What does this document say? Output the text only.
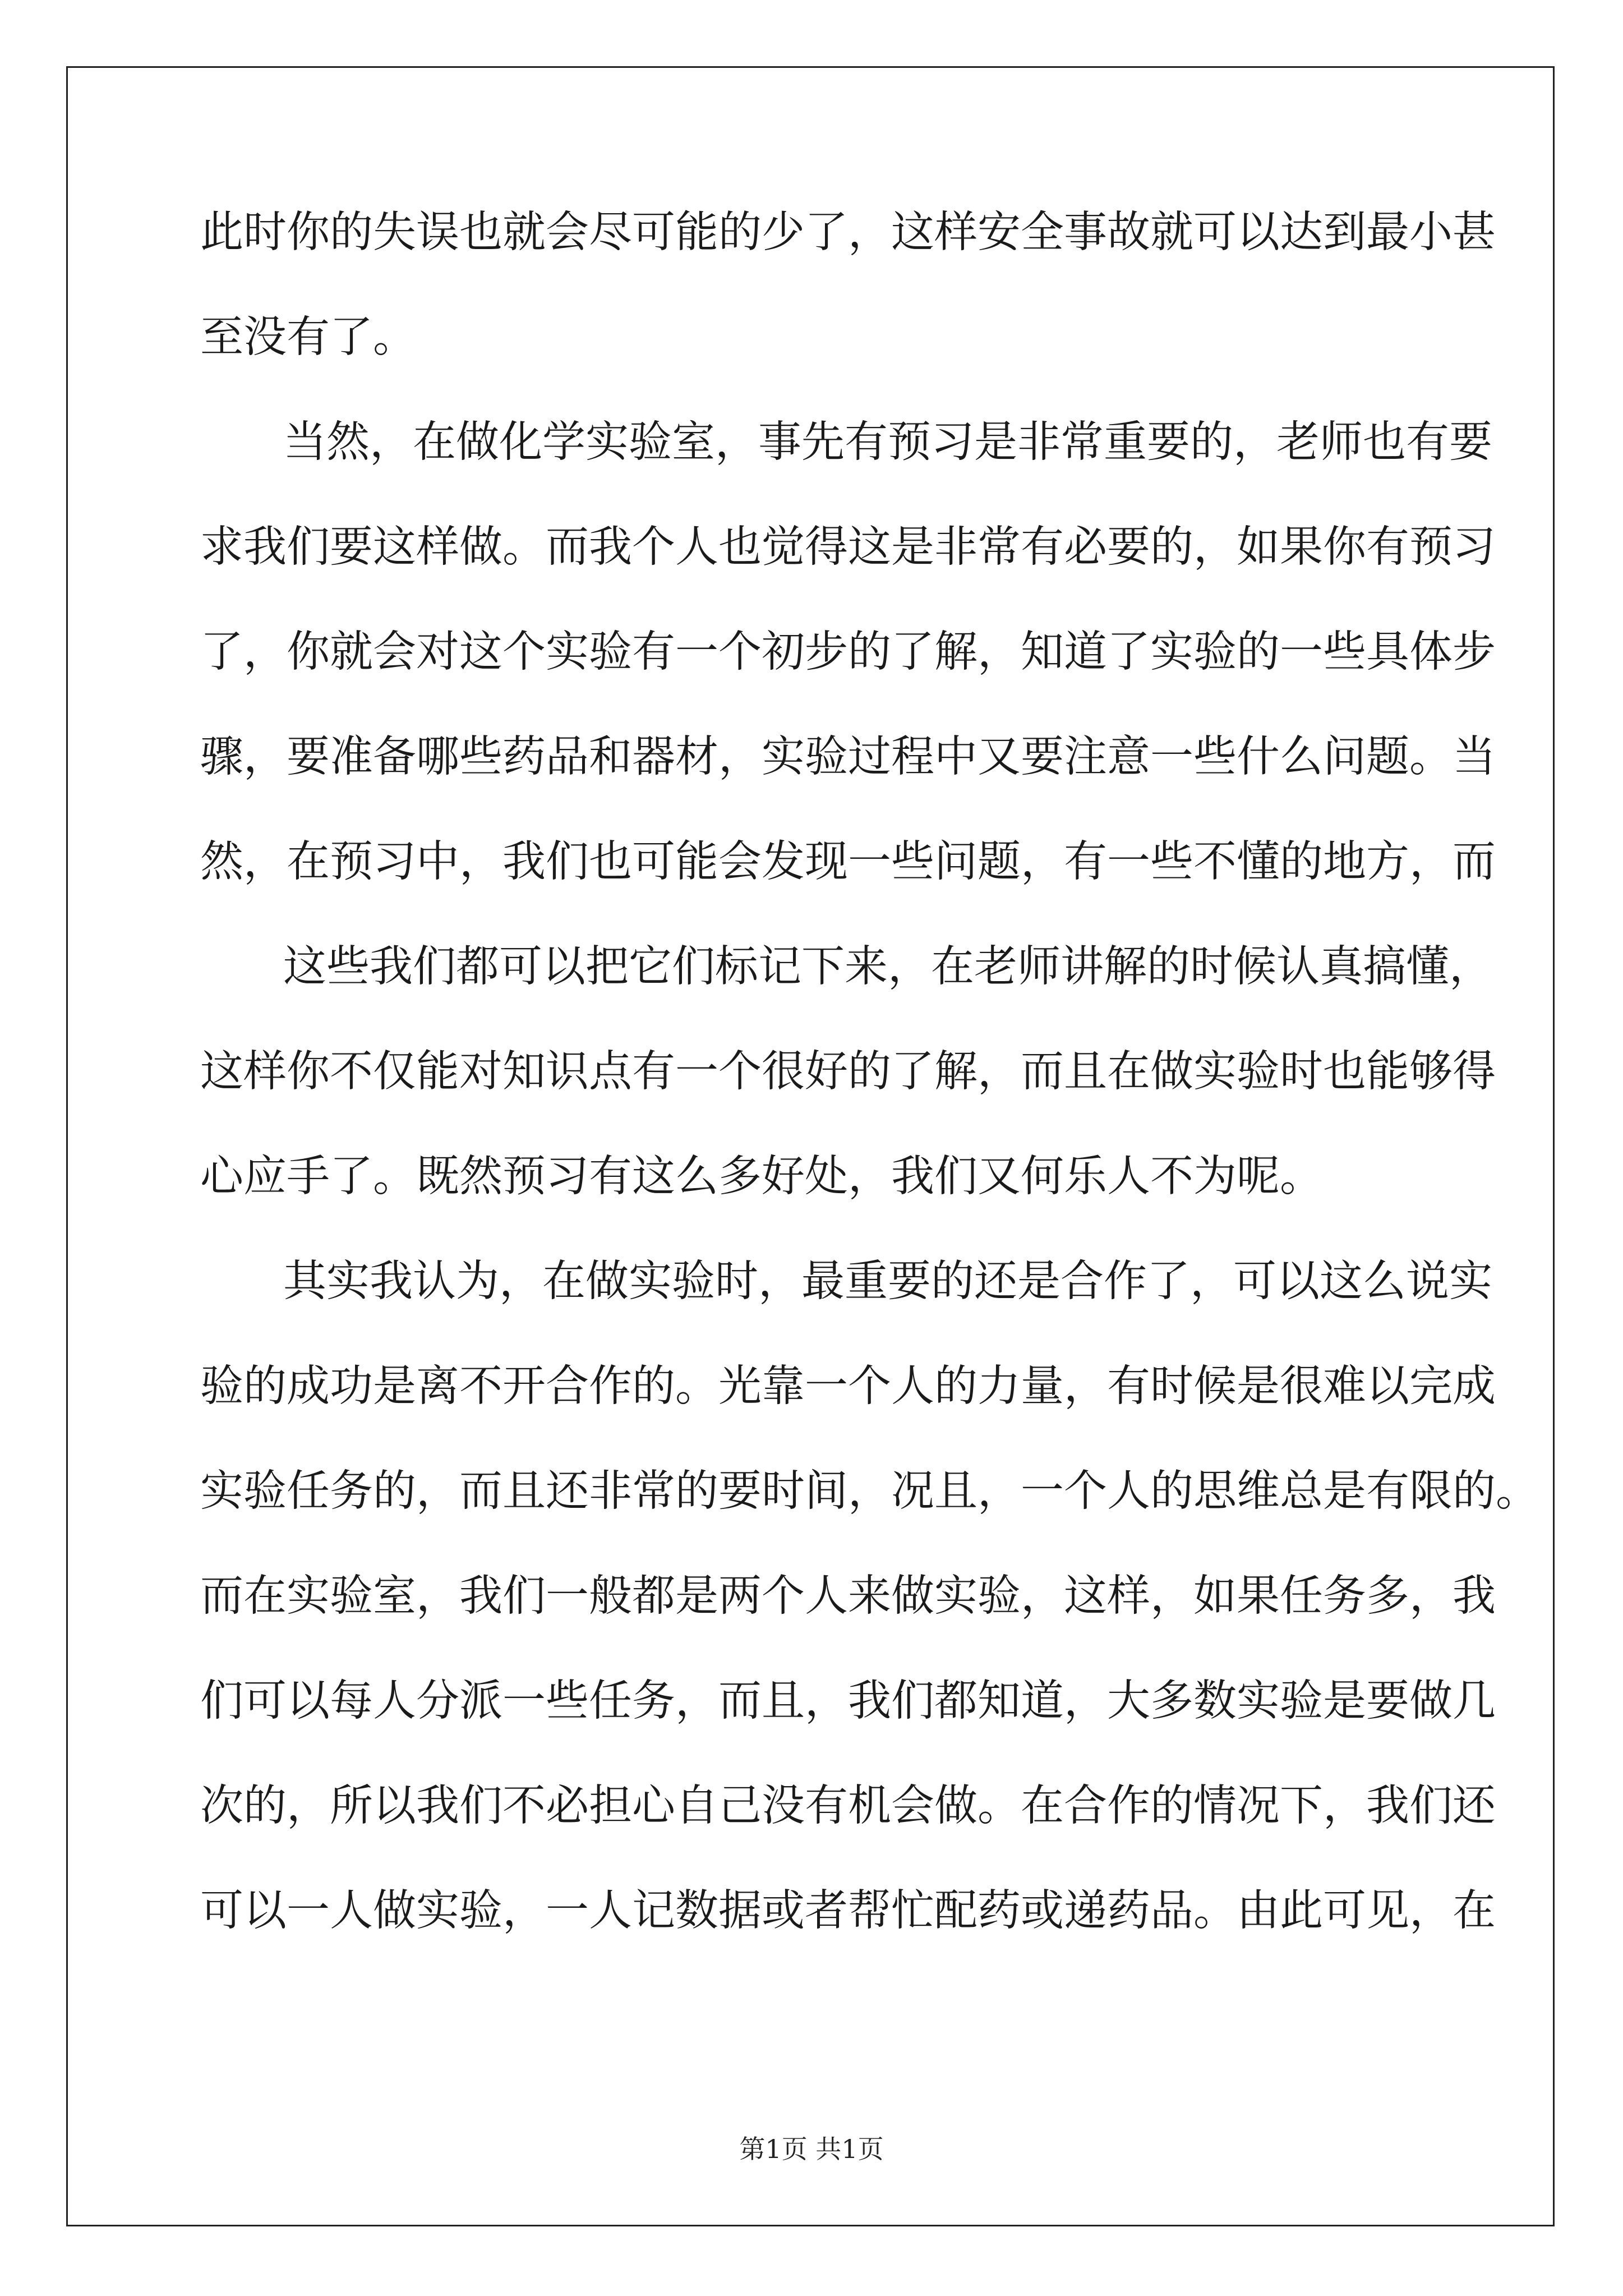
此时你的失误也就会尽可能的少了，这样安全事故就可以达到最小甚
至没有了。
当然，在做化学实验室，事先有预习是非常重要的，老师也有要
求我们要这样做。而我个人也觉得这是非常有必要的，如果你有预习
了，你就会对这个实验有一个初步的了解，知道了实验的一些具体步
骤，要准备哪些药品和器材，实验过程中又要注意一些什么问题。当
然，在预习中，我们也可能会发现一些问题，有一些不懂的地方，而
这些我们都可以把它们标记下来，在老师讲解的时候认真搞懂，
这样你不仅能对知识点有一个很好的了解，而且在做实验时也能够得
心应手了。既然预习有这么多好处，我们又何乐人不为呢。
其实我认为，在做实验时，最重要的还是合作了，可以这么说实
验的成功是离不开合作的。光靠一个人的力量，有时候是很难以完成
实验任务的，而且还非常的要时间，况且，一个人的思维总是有限的。
而在实验室，我们一般都是两个人来做实验，这样，如果任务多，我
们可以每人分派一些任务，而且，我们都知道，大多数实验是要做几
次的，所以我们不必担心自己没有机会做。在合作的情况下，我们还
可以一人做实验，一人记数据或者帮忙配药或递药品。由此可见，在
第1页 共1页
